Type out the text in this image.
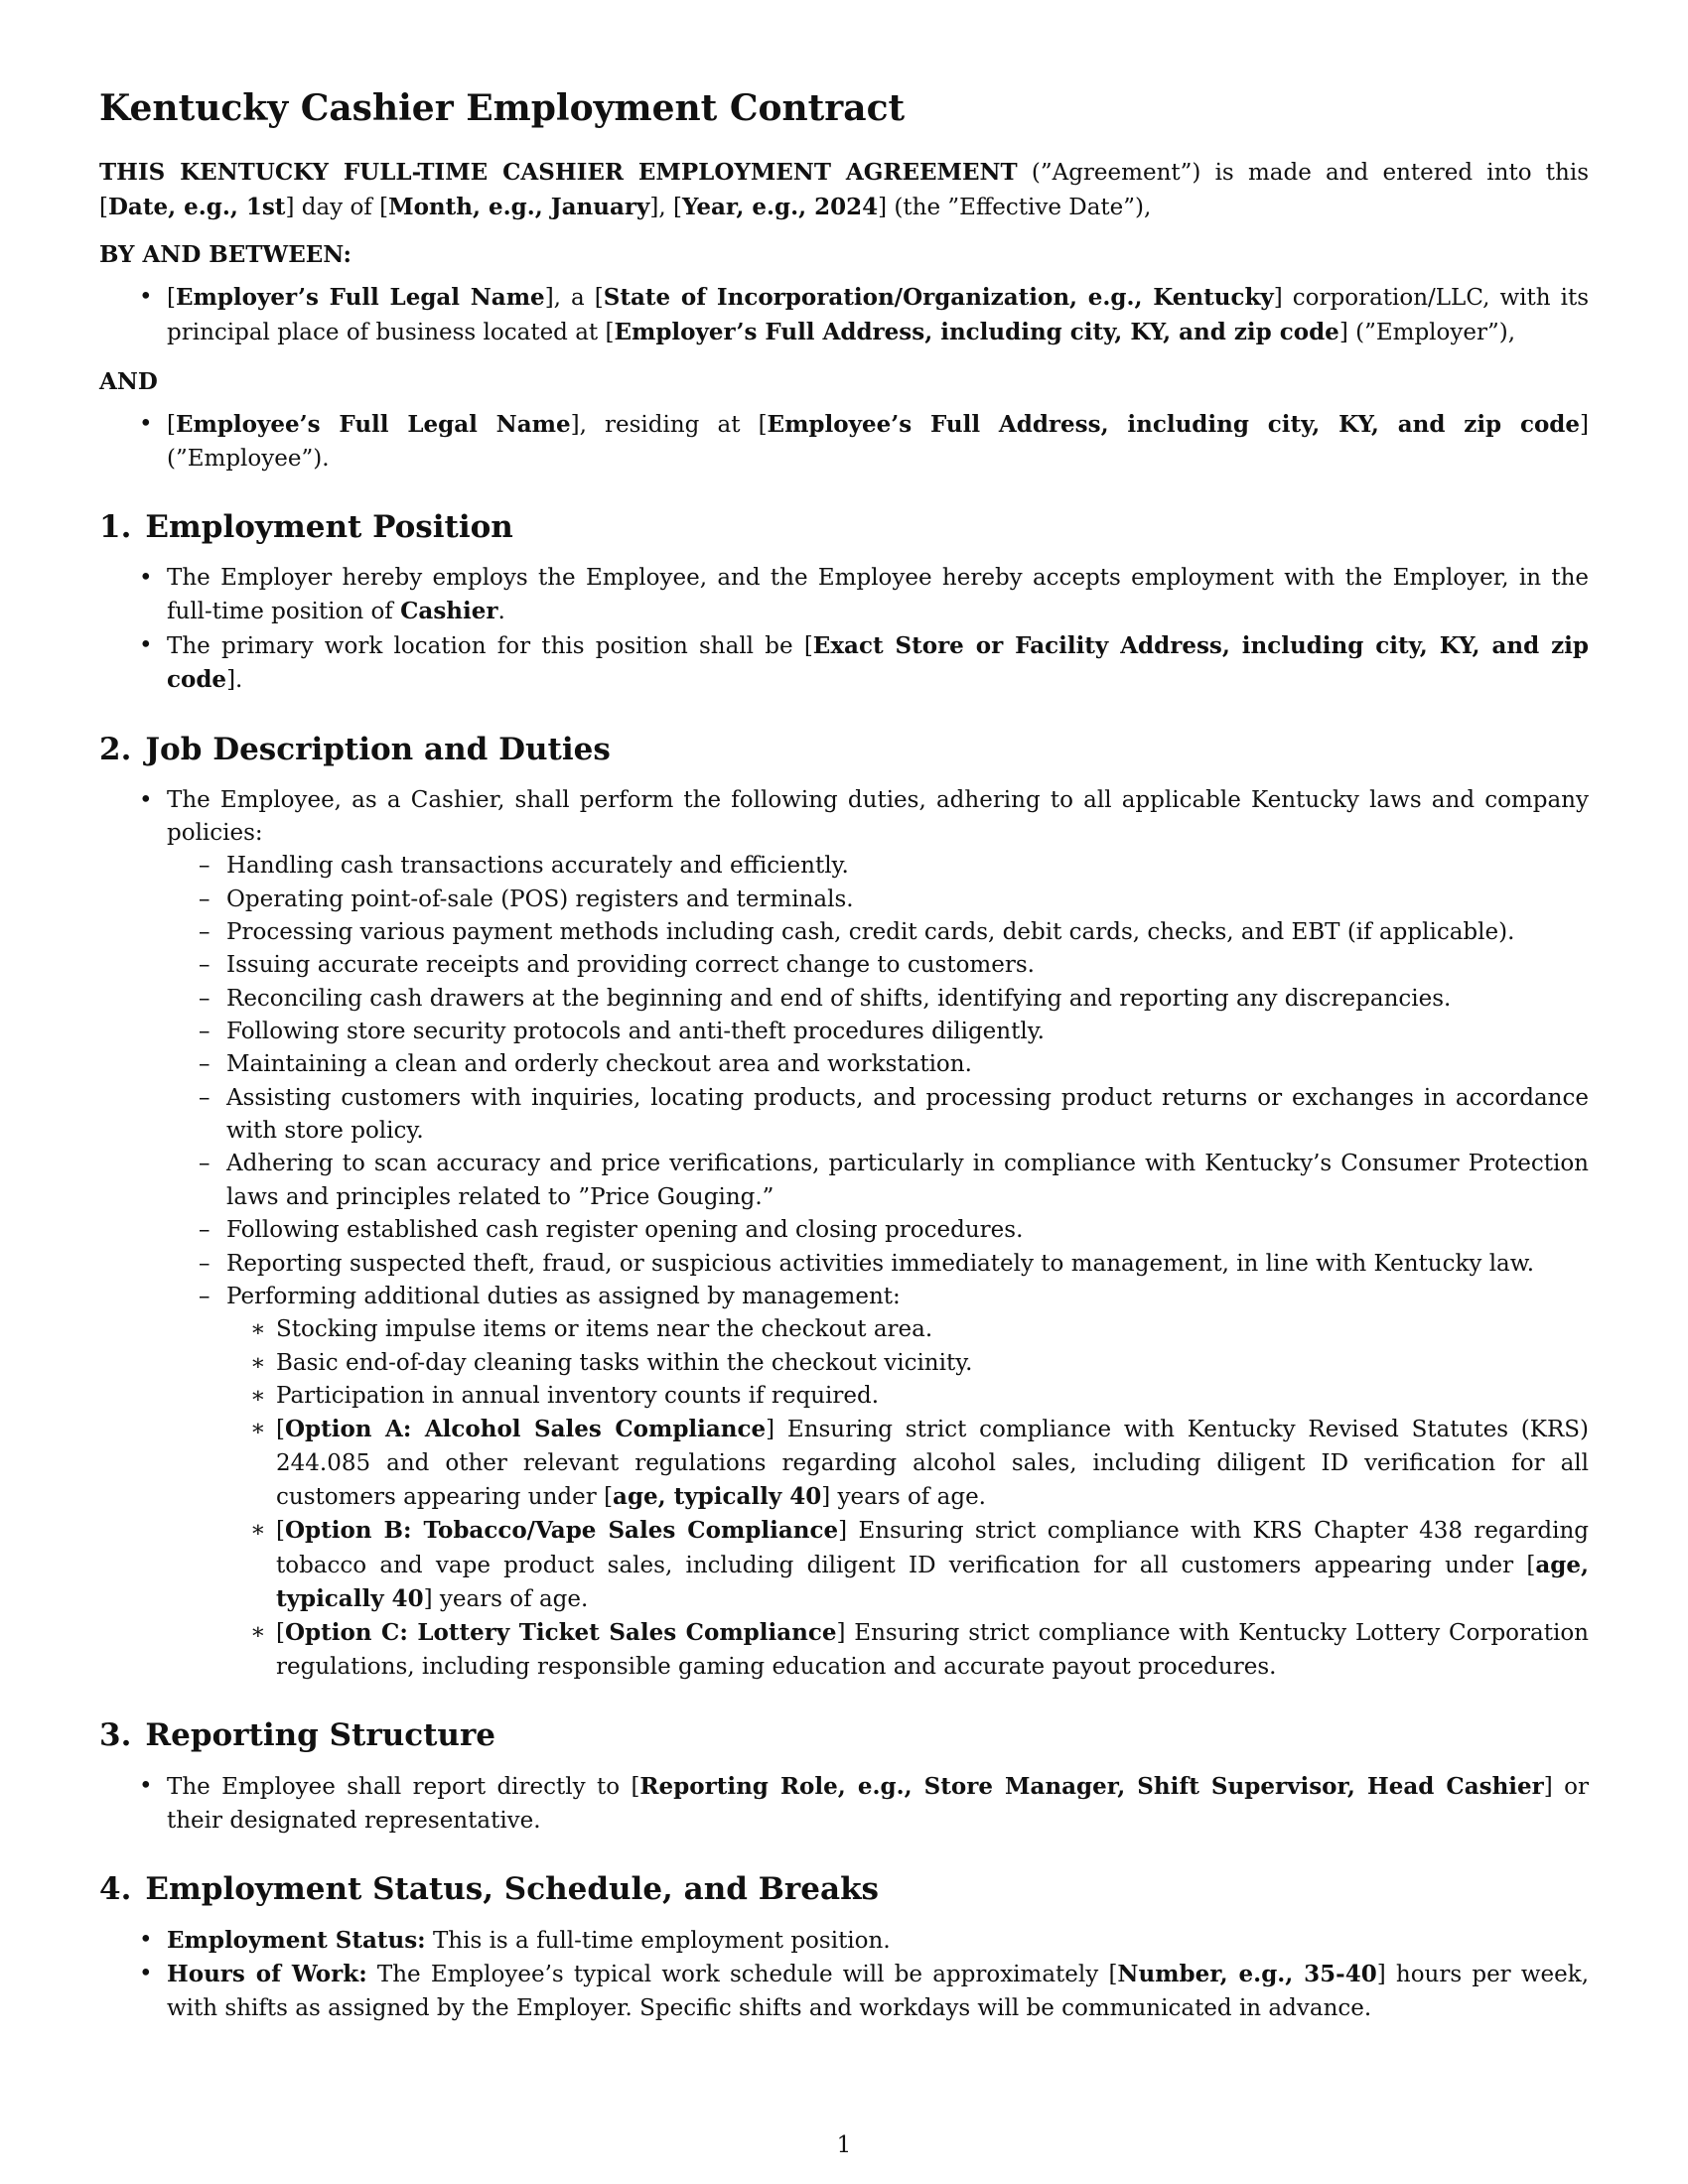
Kentucky Cashier Employment Contract

THIS KENTUCKY FULL-TIME CASHIER EMPLOYMENT AGREEMENT (”Agreement”) is made and entered into this [Date, e.g., 1st] day of [Month, e.g., January], [Year, e.g., 2024] (the ”Effective Date”),

BY AND BETWEEN:

• [Employer’s Full Legal Name], a [State of Incorporation/Organization, e.g., Kentucky] corporation/LLC, with its principal place of business located at [Employer’s Full Address, including city, KY, and zip code] (”Employer”),

AND

• [Employee’s Full Legal Name], residing at [Employee’s Full Address, including city, KY, and zip code] (”Employee”).
1. Employment Position
• The Employer hereby employs the Employee, and the Employee hereby accepts employment with the Employer, in the full-time position of Cashier.
• The primary work location for this position shall be [Exact Store or Facility Address, including city, KY, and zip code].
2. Job Description and Duties
• The Employee, as a Cashier, shall perform the following duties, adhering to all applicable Kentucky laws and company policies:
– Handling cash transactions accurately and efficiently.
– Operating point-of-sale (POS) registers and terminals.
– Processing various payment methods including cash, credit cards, debit cards, checks, and EBT (if applicable).
– Issuing accurate receipts and providing correct change to customers.
– Reconciling cash drawers at the beginning and end of shifts, identifying and reporting any discrepancies.
– Following store security protocols and anti-theft procedures diligently.
– Maintaining a clean and orderly checkout area and workstation.
– Assisting customers with inquiries, locating products, and processing product returns or exchanges in accordance with store policy.
– Adhering to scan accuracy and price verifications, particularly in compliance with Kentucky’s Consumer Protection laws and principles related to ”Price Gouging.”
– Following established cash register opening and closing procedures.
– Reporting suspected theft, fraud, or suspicious activities immediately to management, in line with Kentucky law.
– Performing additional duties as assigned by management:
∗ Stocking impulse items or items near the checkout area.
∗ Basic end-of-day cleaning tasks within the checkout vicinity.
∗ Participation in annual inventory counts if required.
∗ [Option A: Alcohol Sales Compliance] Ensuring strict compliance with Kentucky Revised Statutes (KRS) 244.085 and other relevant regulations regarding alcohol sales, including diligent ID verification for all customers appearing under [age, typically 40] years of age.
∗ [Option B: Tobacco/Vape Sales Compliance] Ensuring strict compliance with KRS Chapter 438 regarding tobacco and vape product sales, including diligent ID verification for all customers appearing under [age, typically 40] years of age.
∗ [Option C: Lottery Ticket Sales Compliance] Ensuring strict compliance with Kentucky Lottery Corporation regulations, including responsible gaming education and accurate payout procedures.
3. Reporting Structure
• The Employee shall report directly to [Reporting Role, e.g., Store Manager, Shift Supervisor, Head Cashier] or their designated representative.
4. Employment Status, Schedule, and Breaks
• Employment Status: This is a full-time employment position.
• Hours of Work: The Employee’s typical work schedule will be approximately [Number, e.g., 35-40] hours per week, with shifts as assigned by the Employer. Specific shifts and workdays will be communicated in advance.
1
